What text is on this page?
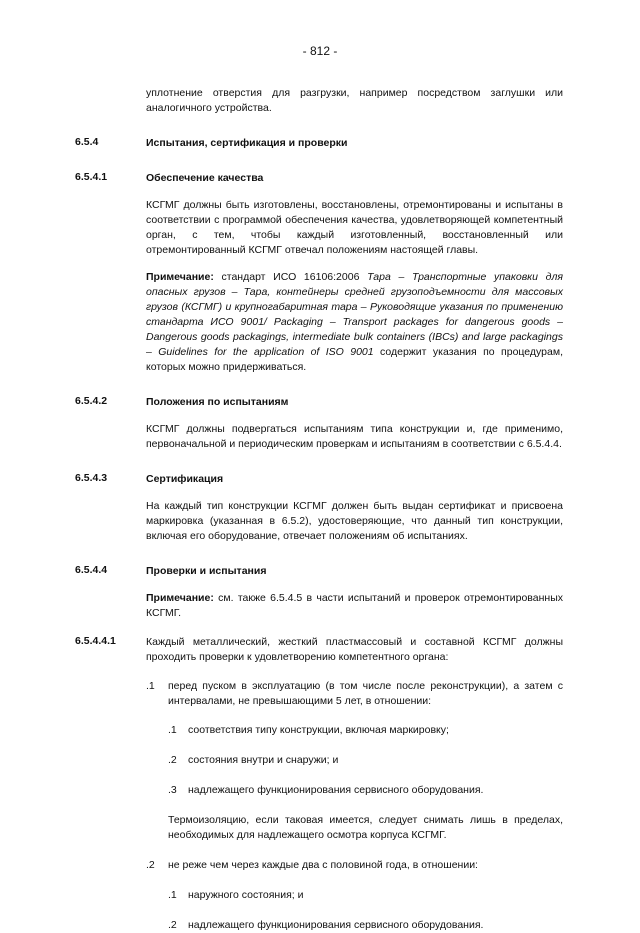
- 812 -
уплотнение отверстия для разгрузки, например посредством заглушки или аналогичного устройства.
6.5.4	Испытания, сертификация и проверки
6.5.4.1	Обеспечение качества
КСГМГ должны быть изготовлены, восстановлены, отремонтированы и испытаны в соответствии с программой обеспечения качества, удовлетворяющей компетентный орган, с тем, чтобы каждый изготовленный, восстановленный или отремонтированный КСГМГ отвечал положениям настоящей главы.
Примечание: стандарт ИСО 16106:2006 Тара – Транспортные упаковки для опасных грузов – Тара, контейнеры средней грузоподъемности для массовых грузов (КСГМГ) и крупногабаритная тара – Руководящие указания по применению стандарта ИСО 9001/ Packaging – Transport packages for dangerous goods – Dangerous goods packagings, intermediate bulk containers (IBCs) and large packagings – Guidelines for the application of ISO 9001 содержит указания по процедурам, которых можно придерживаться.
6.5.4.2	Положения по испытаниям
КСГМГ должны подвергаться испытаниям типа конструкции и, где применимо, первоначальной и периодическим проверкам и испытаниям в соответствии с 6.5.4.4.
6.5.4.3	Сертификация
На каждый тип конструкции КСГМГ должен быть выдан сертификат и присвоена маркировка (указанная в 6.5.2), удостоверяющие, что данный тип конструкции, включая его оборудование, отвечает положениям об испытаниях.
6.5.4.4	Проверки и испытания
Примечание: см. также 6.5.4.5 в части испытаний и проверок отремонтированных КСГМГ.
6.5.4.4.1	Каждый металлический, жесткий пластмассовый и составной КСГМГ должны проходить проверки к удовлетворению компетентного органа:
.1 перед пуском в эксплуатацию (в том числе после реконструкции), а затем с интервалами, не превышающими 5 лет, в отношении:
.1 соответствия типу конструкции, включая маркировку;
.2 состояния внутри и снаружи; и
.3 надлежащего функционирования сервисного оборудования.
Термоизоляцию, если таковая имеется, следует снимать лишь в пределах, необходимых для надлежащего осмотра корпуса КСГМГ.
.2 не реже чем через каждые два с половиной года, в отношении:
.1 наружного состояния; и
.2 надлежащего функционирования сервисного оборудования.
